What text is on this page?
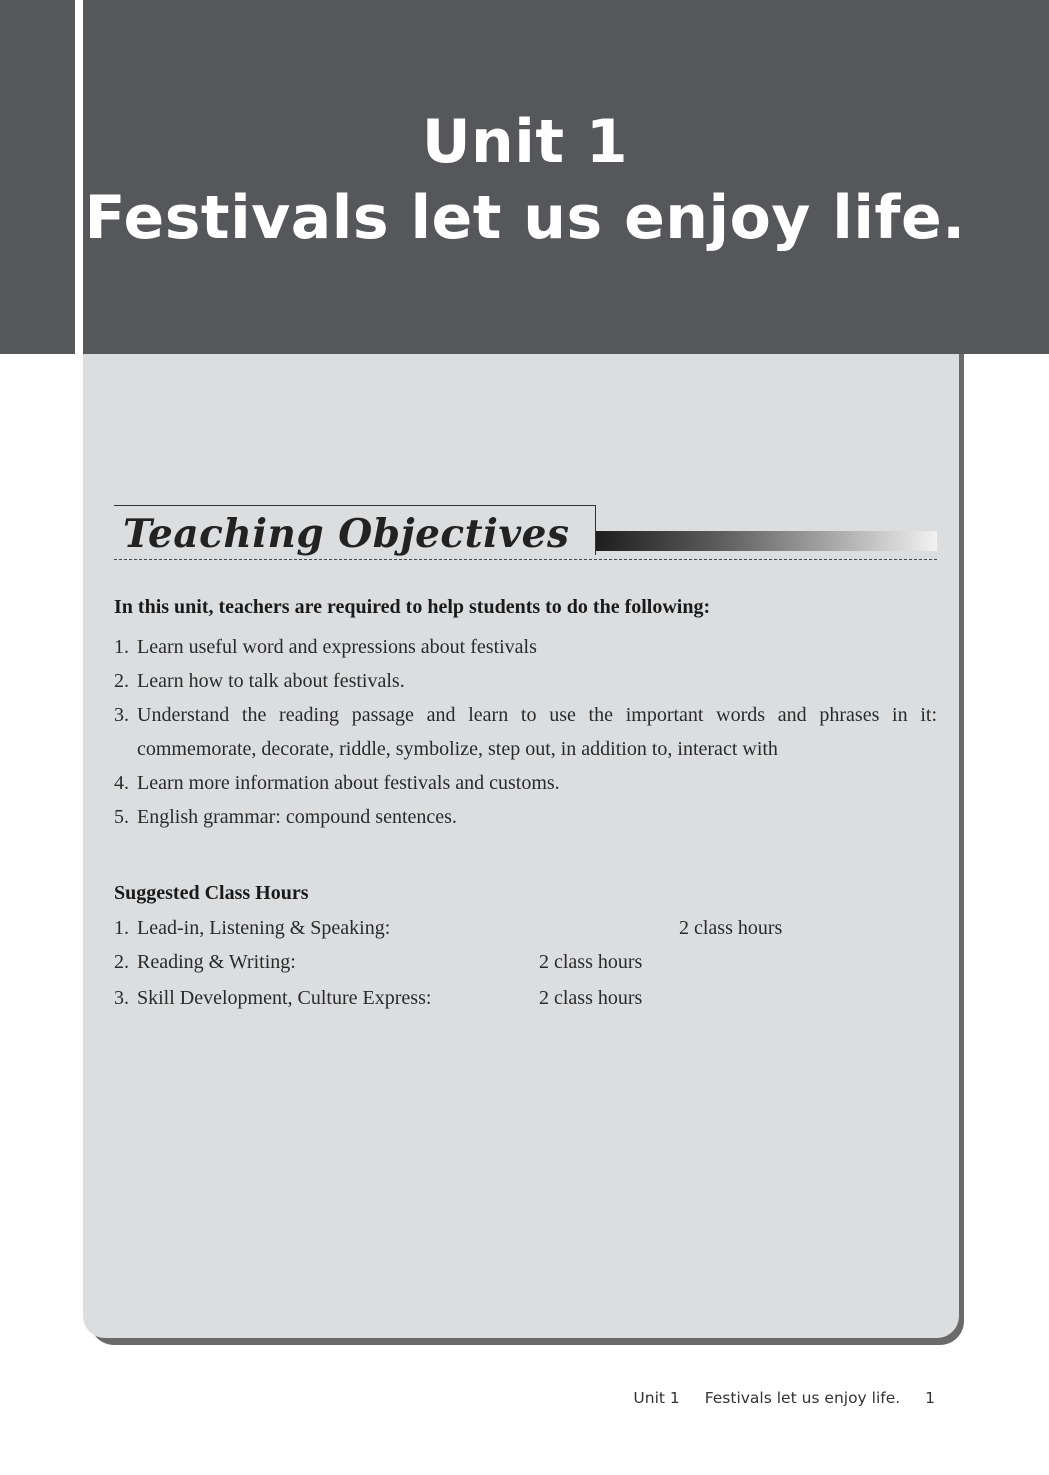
Unit 1
Festivals let us enjoy life.
Teaching Objectives
In this unit, teachers are required to help students to do the following:
1. Learn useful word and expressions about festivals
2. Learn how to talk about festivals.
3. Understand the reading passage and learn to use the important words and phrases in it:
commemorate, decorate, riddle, symbolize, step out, in addition to, interact with
4. Learn more information about festivals and customs.
5. English grammar: compound sentences.
Suggested Class Hours
1. Lead-in, Listening & Speaking:	2 class hours
2. Reading & Writing:	2 class hours
3. Skill Development, Culture Express:	2 class hours
Unit 1 Festivals let us enjoy life. 1
